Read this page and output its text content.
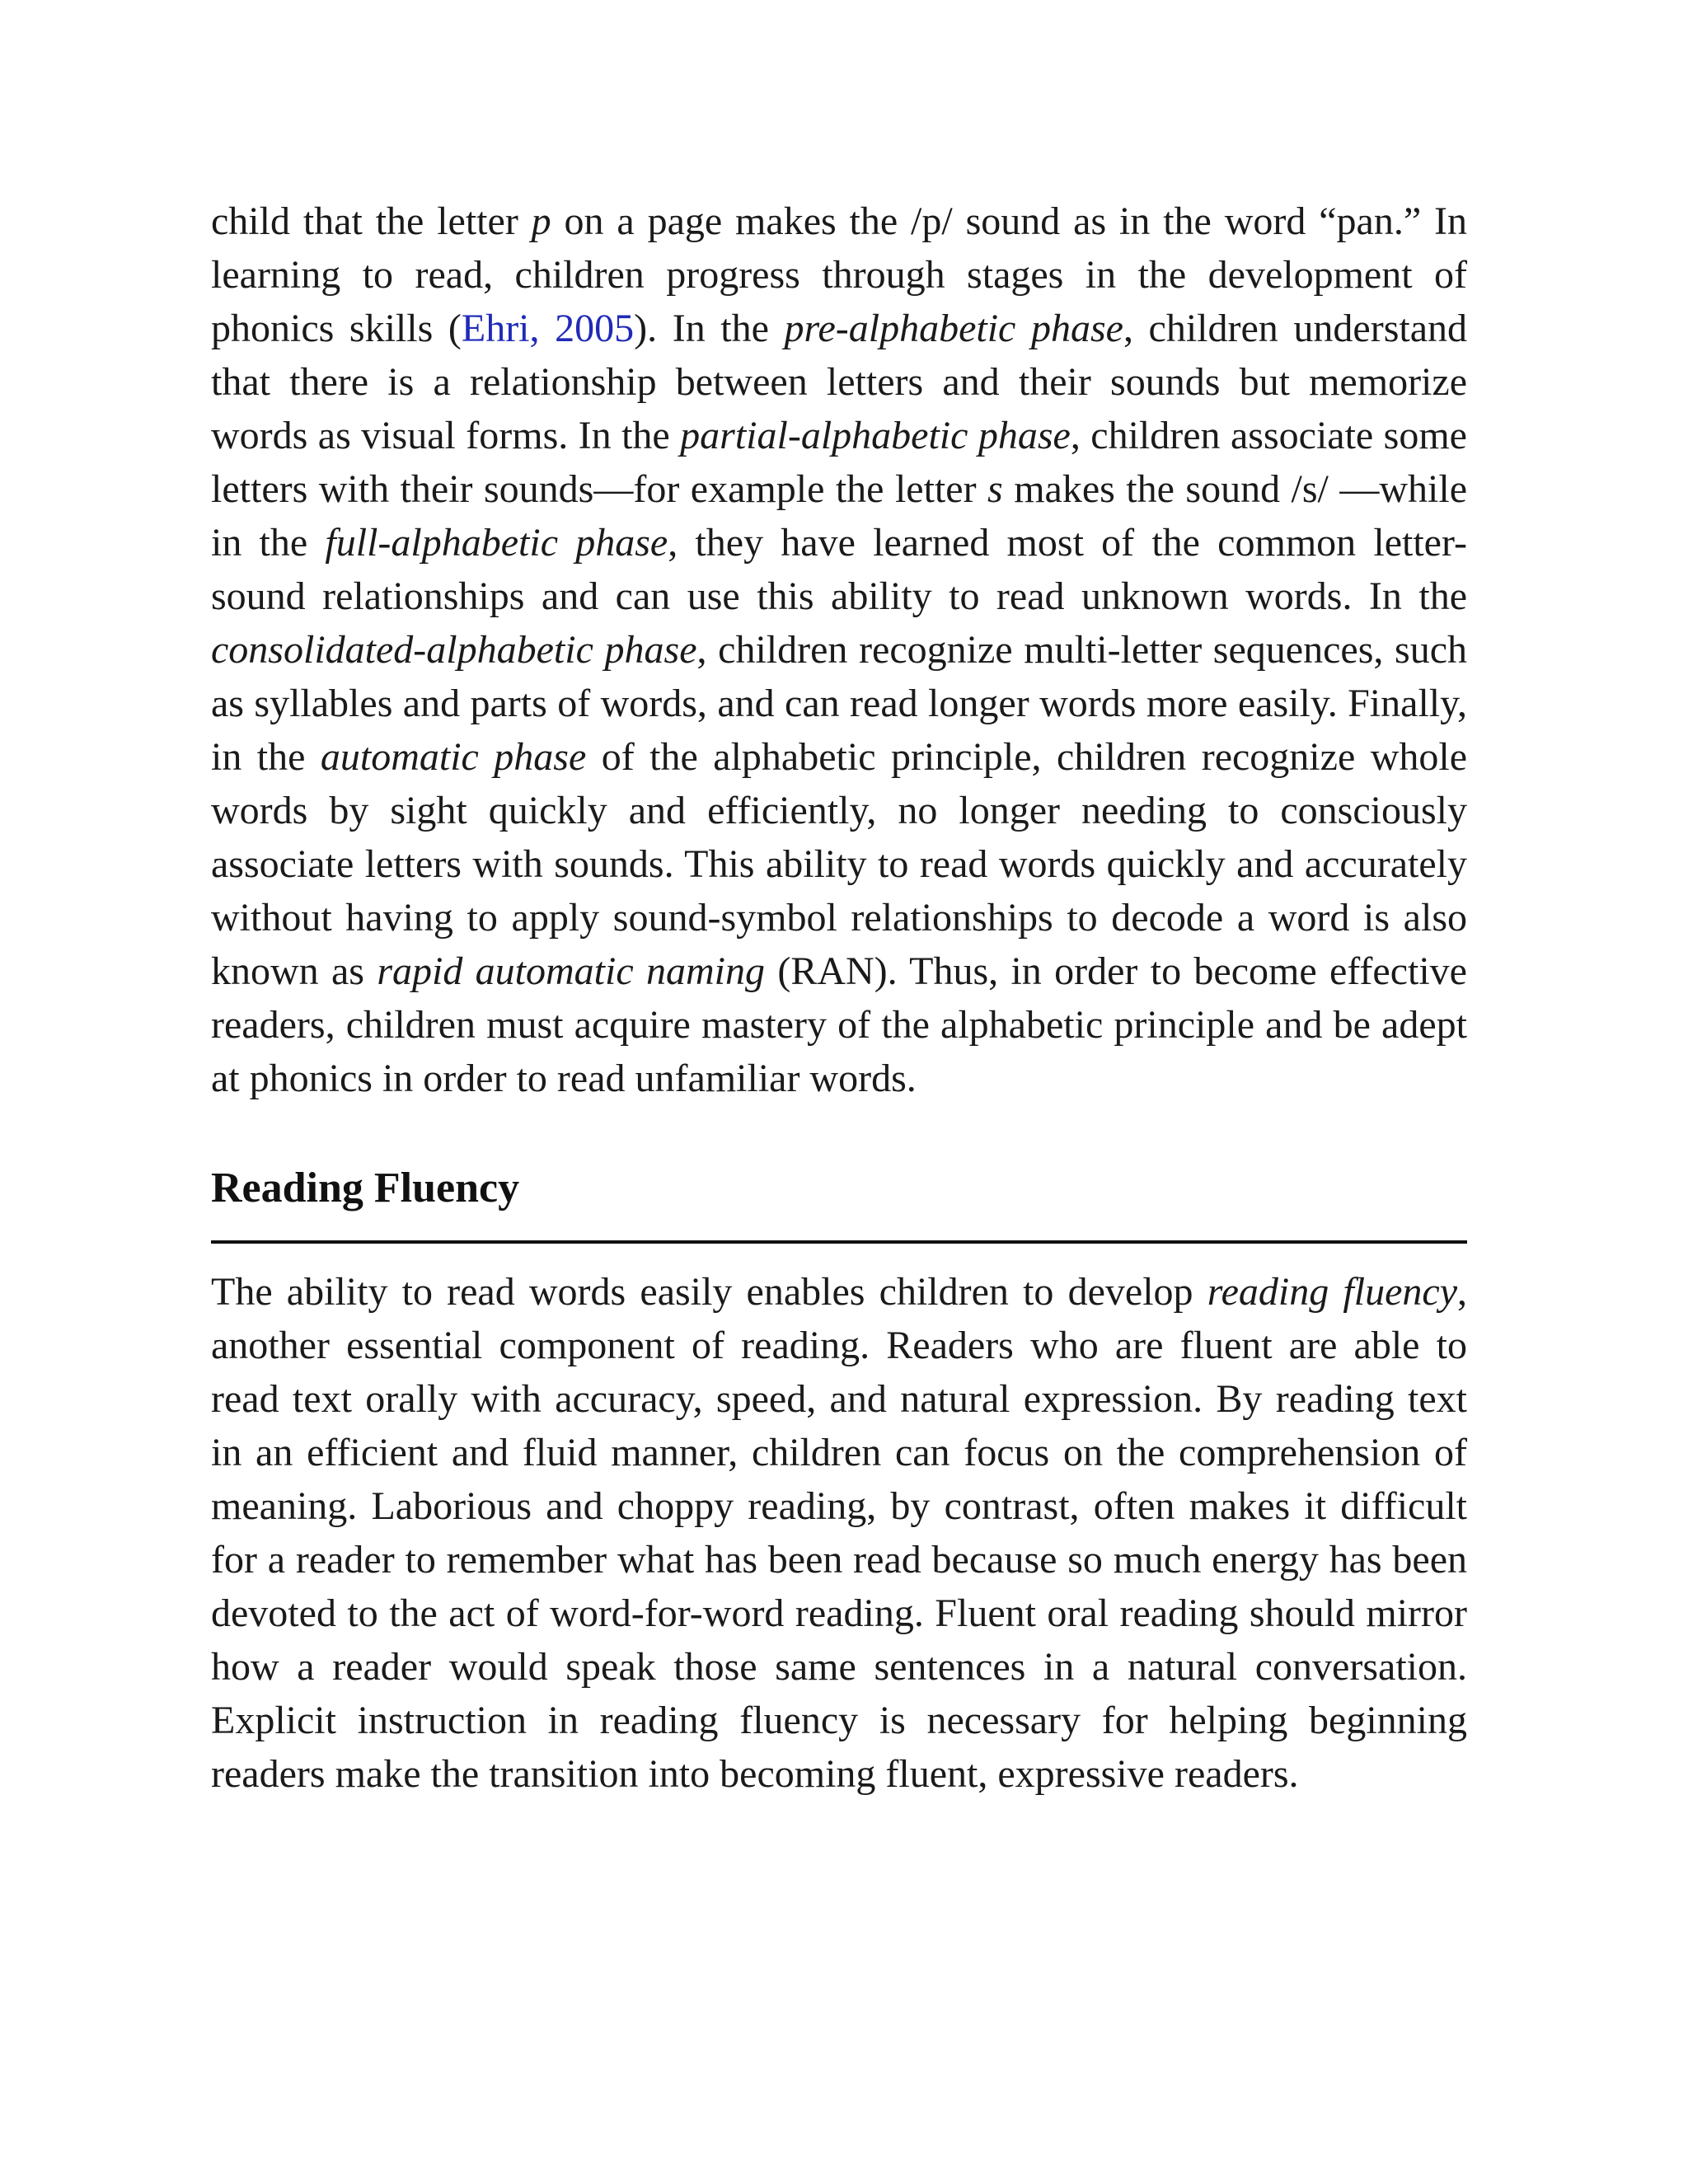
child that the letter p on a page makes the /p/ sound as in the word “pan.” In learning to read, children progress through stages in the development of phonics skills (Ehri, 2005). In the pre-alphabetic phase, children understand that there is a relationship between letters and their sounds but memorize words as visual forms. In the partial-alphabetic phase, children associate some letters with their sounds—for example the letter s makes the sound /s/ —while in the full-alphabetic phase, they have learned most of the common letter-sound relationships and can use this ability to read unknown words. In the consolidated-alphabetic phase, children recognize multi-letter sequences, such as syllables and parts of words, and can read longer words more easily. Finally, in the automatic phase of the alphabetic principle, children recognize whole words by sight quickly and efficiently, no longer needing to consciously associate letters with sounds. This ability to read words quickly and accurately without having to apply sound-symbol relationships to decode a word is also known as rapid automatic naming (RAN). Thus, in order to become effective readers, children must acquire mastery of the alphabetic principle and be adept at phonics in order to read unfamiliar words.

Reading Fluency

The ability to read words easily enables children to develop reading fluency, another essential component of reading. Readers who are fluent are able to read text orally with accuracy, speed, and natural expression. By reading text in an efficient and fluid manner, children can focus on the comprehension of meaning. Laborious and choppy reading, by contrast, often makes it difficult for a reader to remember what has been read because so much energy has been devoted to the act of word-for-word reading. Fluent oral reading should mirror how a reader would speak those same sentences in a natural conversation. Explicit instruction in reading fluency is necessary for helping beginning readers make the transition into becoming fluent, expressive readers.
